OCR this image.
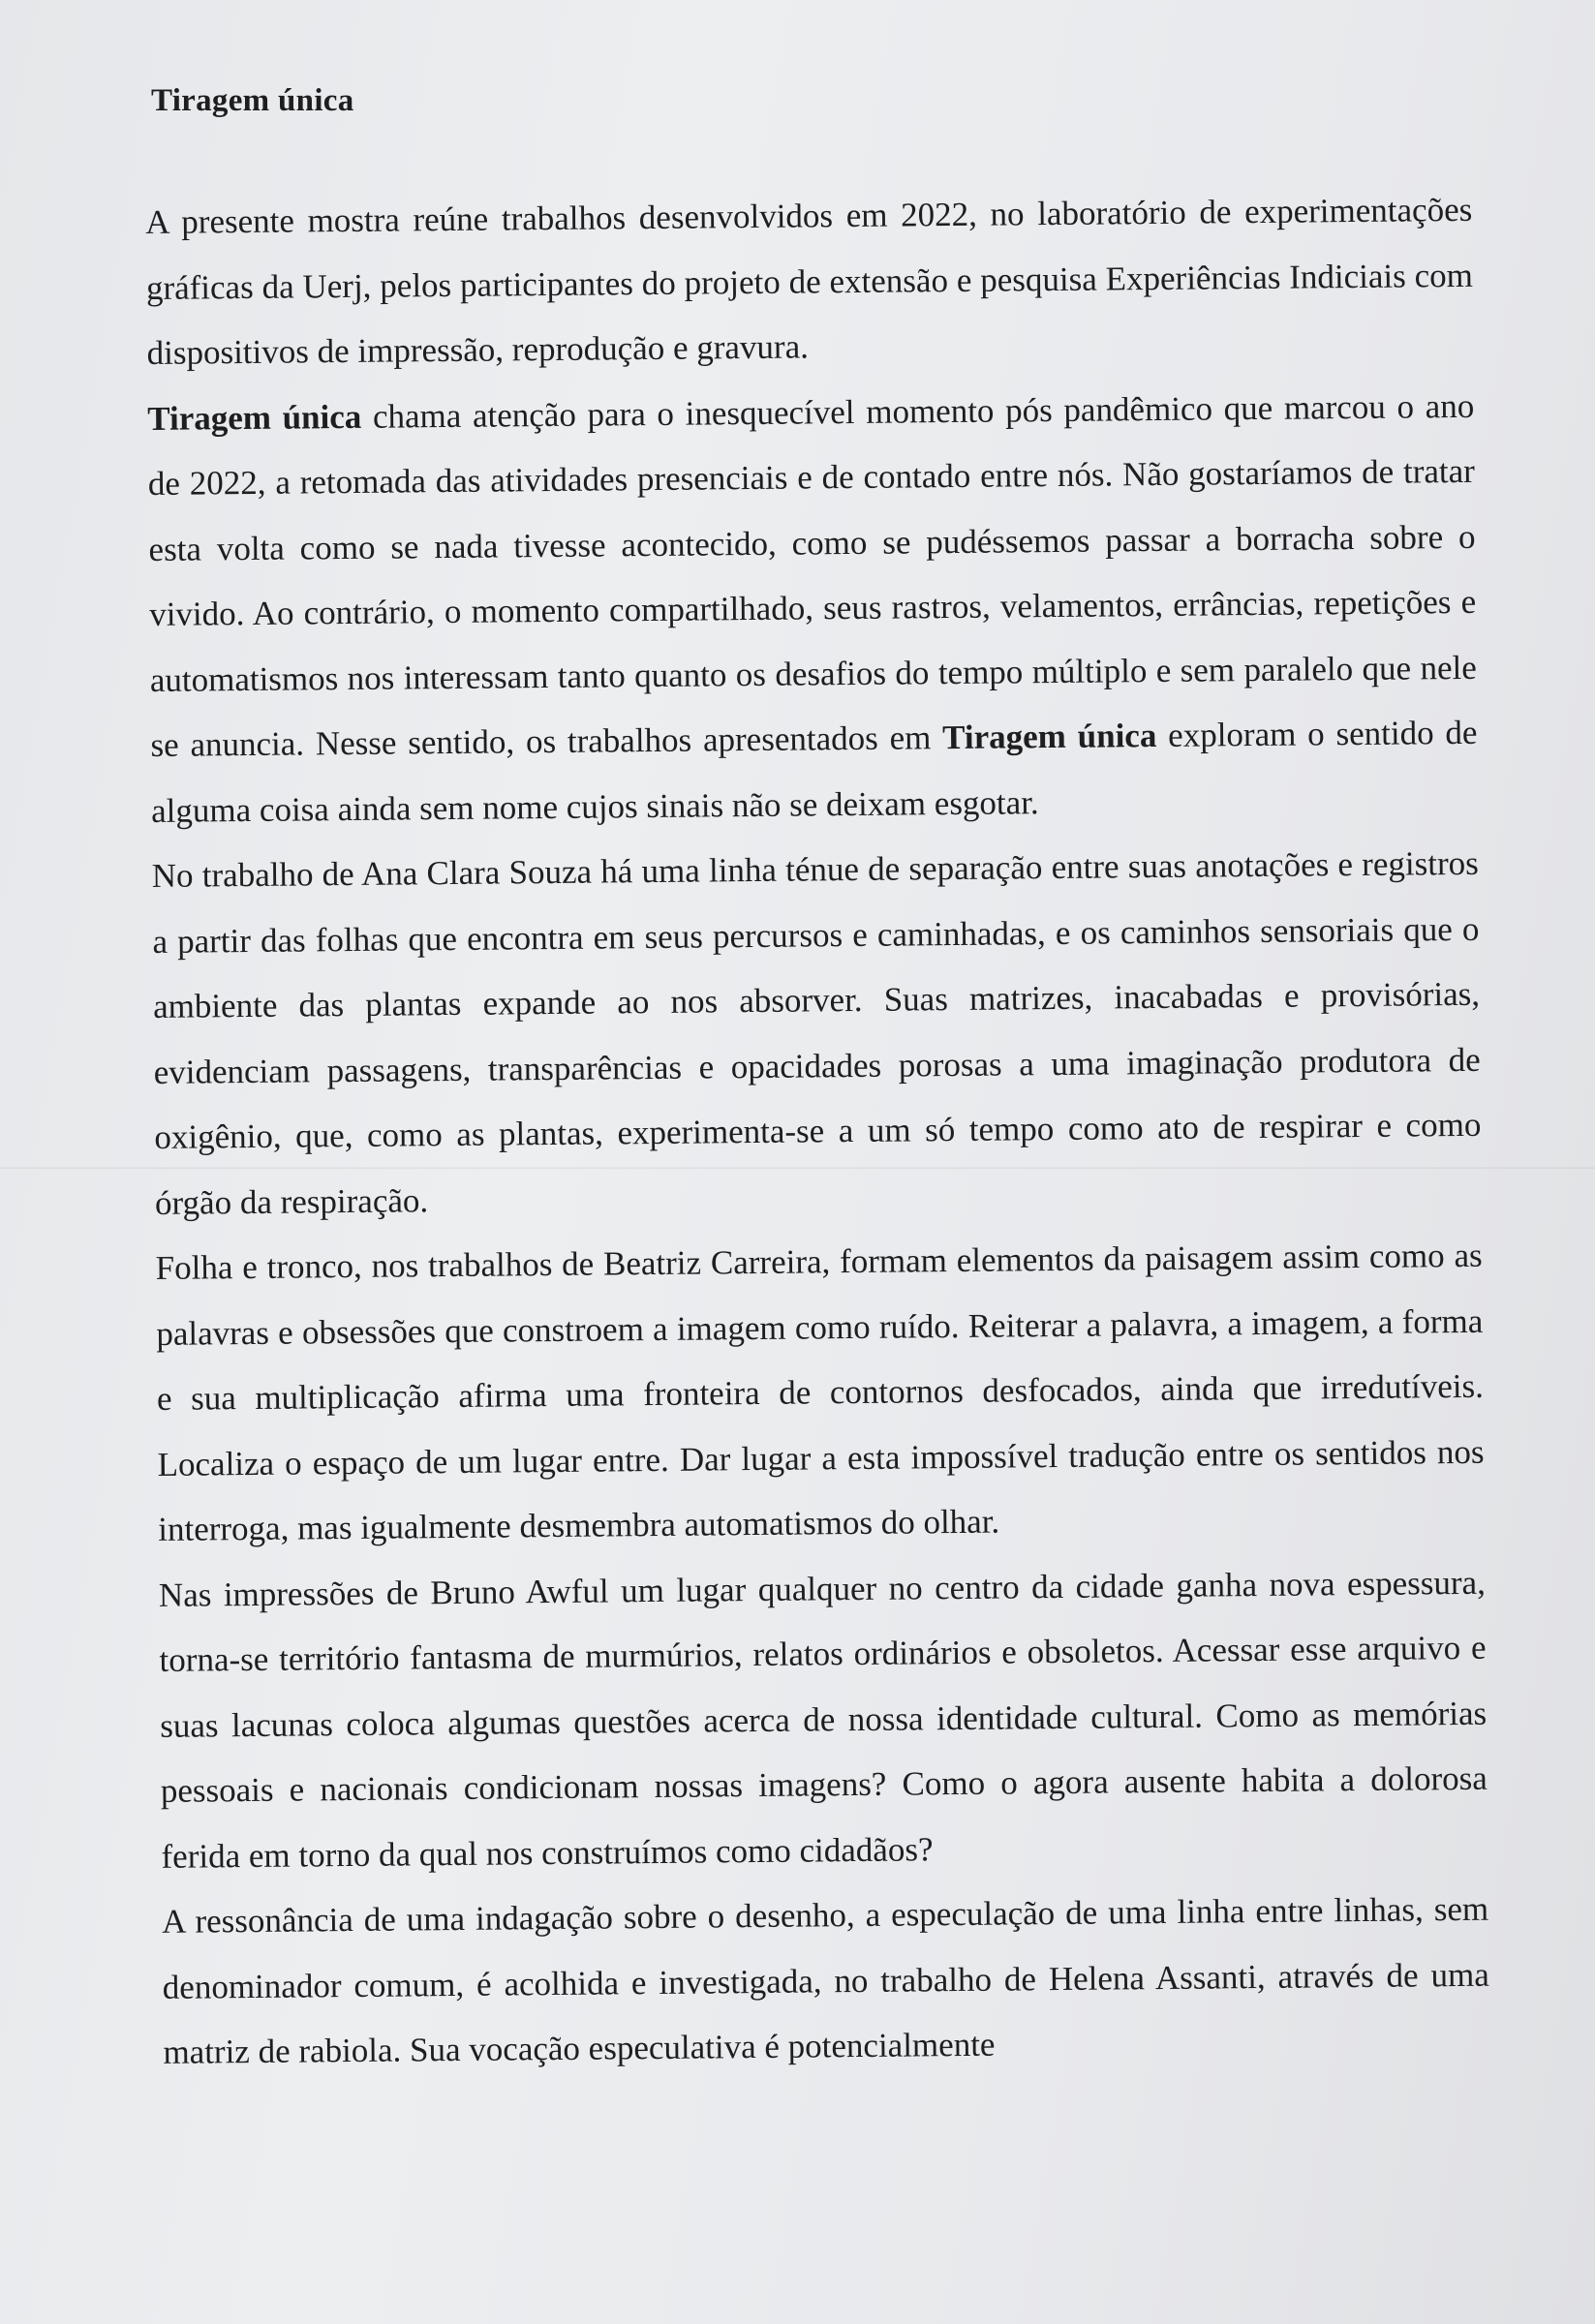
Tiragem única

A presente mostra reúne trabalhos desenvolvidos em 2022, no laboratório de experimentações gráficas da Uerj, pelos participantes do projeto de extensão e pesquisa Experiências Indiciais com dispositivos de impressão, reprodução e gravura.

Tiragem única chama atenção para o inesquecível momento pós pandêmico que marcou o ano de 2022, a retomada das atividades presenciais e de contado entre nós. Não gostaríamos de tratar esta volta como se nada tivesse acontecido, como se pudéssemos passar a borracha sobre o vivido. Ao contrário, o momento compartilhado, seus rastros, velamentos, errâncias, repetições e automatismos nos interessam tanto quanto os desafios do tempo múltiplo e sem paralelo que nele se anuncia. Nesse sentido, os trabalhos apresentados em Tiragem única exploram o sentido de alguma coisa ainda sem nome cujos sinais não se deixam esgotar.

No trabalho de Ana Clara Souza há uma linha ténue de separação entre suas anotações e registros a partir das folhas que encontra em seus percursos e caminhadas, e os caminhos sensoriais que o ambiente das plantas expande ao nos absorver. Suas matrizes, inacabadas e provisórias, evidenciam passagens, transparências e opacidades porosas a uma imaginação produtora de oxigênio, que, como as plantas, experimenta-se a um só tempo como ato de respirar e como órgão da respiração.

Folha e tronco, nos trabalhos de Beatriz Carreira, formam elementos da paisagem assim como as palavras e obsessões que constroem a imagem como ruído. Reiterar a palavra, a imagem, a forma e sua multiplicação afirma uma fronteira de contornos desfocados, ainda que irredutíveis. Localiza o espaço de um lugar entre. Dar lugar a esta impossível tradução entre os sentidos nos interroga, mas igualmente desmembra automatismos do olhar.

Nas impressões de Bruno Awful um lugar qualquer no centro da cidade ganha nova espessura, torna-se território fantasma de murmúrios, relatos ordinários e obsoletos. Acessar esse arquivo e suas lacunas coloca algumas questões acerca de nossa identidade cultural. Como as memórias pessoais e nacionais condicionam nossas imagens? Como o agora ausente habita a dolorosa ferida em torno da qual nos construímos como cidadãos?

A ressonância de uma indagação sobre o desenho, a especulação de uma linha entre linhas, sem denominador comum, é acolhida e investigada, no trabalho de Helena Assanti, através de uma matriz de rabiola. Sua vocação especulativa é potencialmente
